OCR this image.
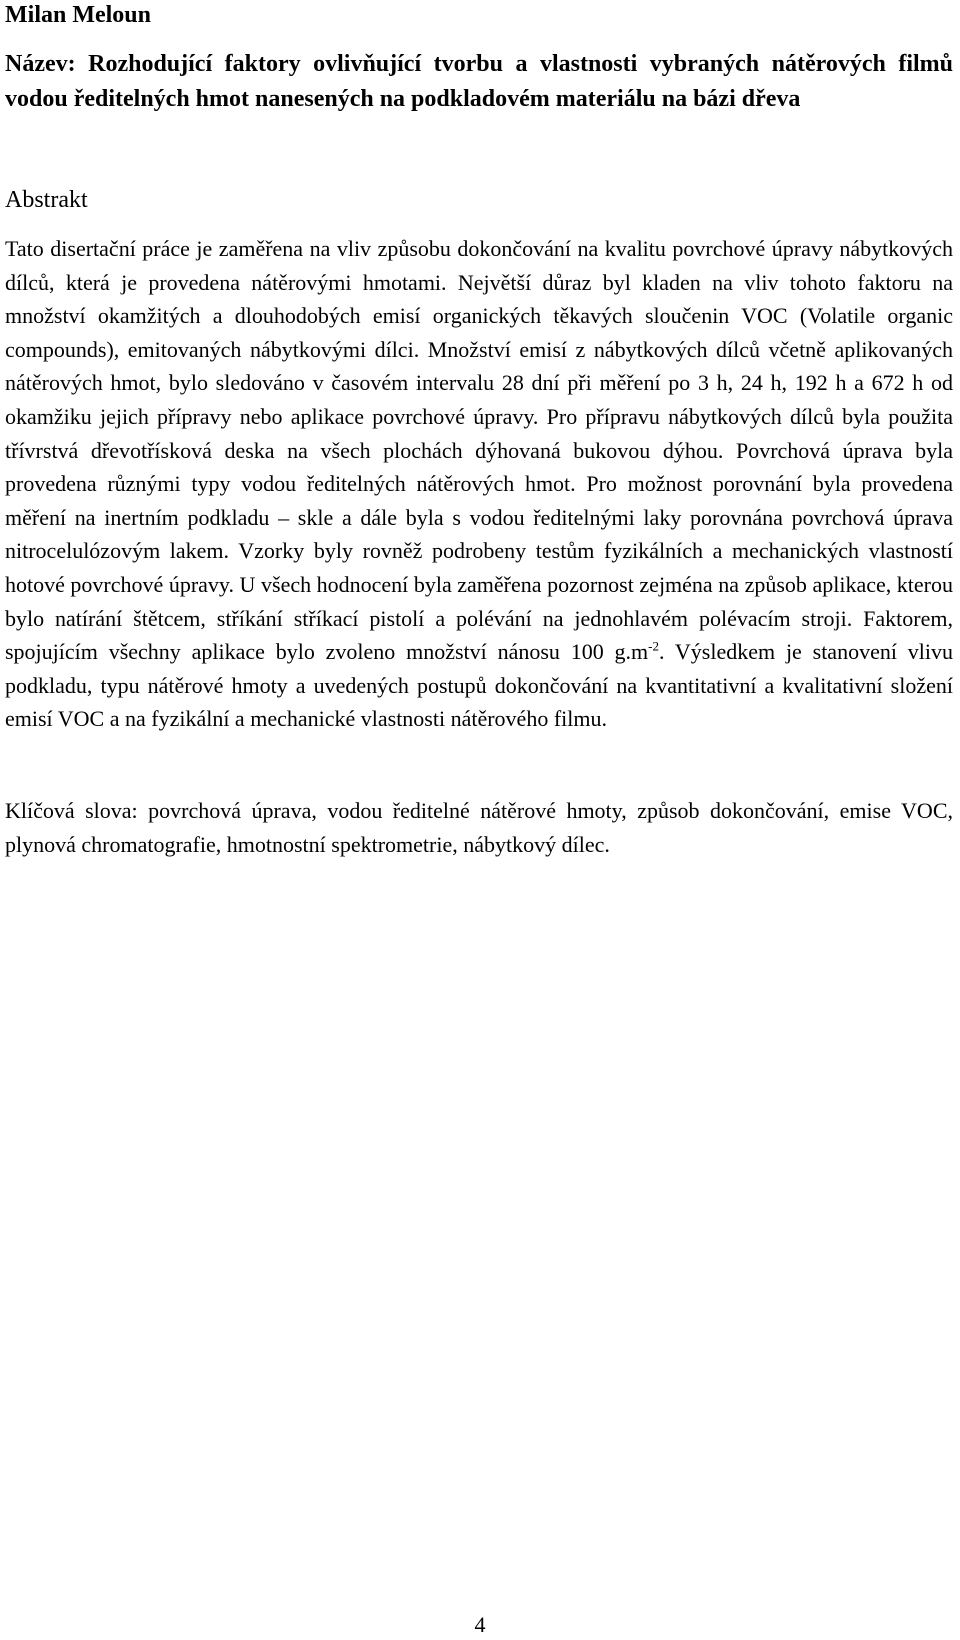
Milan Meloun

Název: Rozhodující faktory ovlivňující tvorbu a vlastnosti vybraných nátěrových filmů vodou ředitelných hmot nanesených na podkladovém materiálu na bázi dřeva

Abstrakt

Tato disertační práce je zaměřena na vliv způsobu dokončování na kvalitu povrchové úpravy nábytkových dílců, která je provedena nátěrovými hmotami. Největší důraz byl kladen na vliv tohoto faktoru na množství okamžitých a dlouhodobých emisí organických těkavých sloučenin VOC (Volatile organic compounds), emitovaných nábytkovými dílci. Množství emisí z nábytkových dílců včetně aplikovaných nátěrových hmot, bylo sledováno v časovém intervalu 28 dní při měření po 3 h, 24 h, 192 h a 672 h od okamžiku jejich přípravy nebo aplikace povrchové úpravy. Pro přípravu nábytkových dílců byla použita třívrstvá dřevotřísková deska na všech plochách dýhovaná bukovou dýhou. Povrchová úprava byla provedena různými typy vodou ředitelných nátěrových hmot. Pro možnost porovnání byla provedena měření na inertním podkladu – skle a dále byla s vodou ředitelnými laky porovnána povrchová úprava nitrocelulózovým lakem. Vzorky byly rovněž podrobeny testům fyzikálních a mechanických vlastností hotové povrchové úpravy. U všech hodnocení byla zaměřena pozornost zejména na způsob aplikace, kterou bylo natírání štětcem, stříkání stříkací pistolí a polévání na jednohlavém polévacím stroji. Faktorem, spojujícím všechny aplikace bylo zvoleno množství nánosu 100 $g.m^{-2}$. Výsledkem je stanovení vlivu podkladu, typu nátěrové hmoty a uvedených postupů dokončování na kvantitativní a kvalitativní složení emisí VOC a na fyzikální a mechanické vlastnosti nátěrového filmu.

Klíčová slova: povrchová úprava, vodou ředitelné nátěrové hmoty, způsob dokončování, emise VOC, plynová chromatografie, hmotnostní spektrometrie, nábytkový dílec.

4
